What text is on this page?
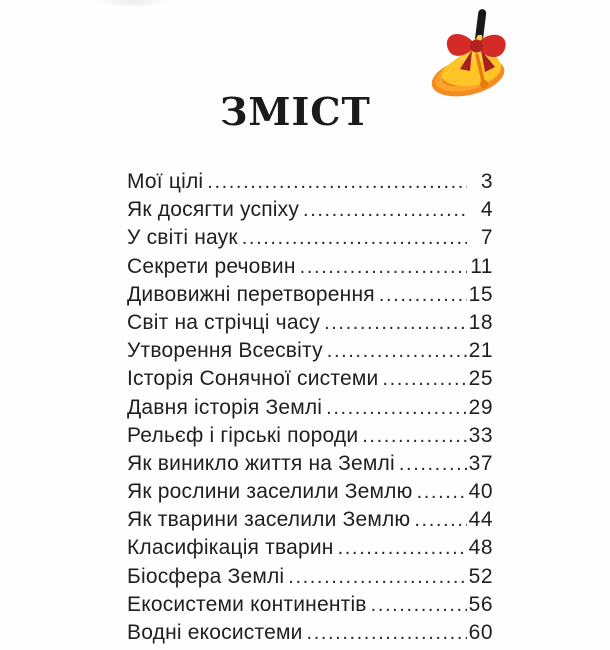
ЗМІСТ
Мої цілі .....	3
Як досягти успіху .....	4
У світі наук .....	7
Секрети речовин .....	11
Дивовижні перетворення .....	15
Світ на стрічці часу .....	18
Утворення Всесвіту .....	21
Історія Сонячної системи .....	25
Давня історія Землі .....	29
Рельєф і гірські породи .....	33
Як виникло життя на Землі .....	37
Як рослини заселили Землю .....	40
Як тварини заселили Землю .....	44
Класифікація тварин .....	48
Біосфера Землі .....	52
Екосистеми континентів .....	56
Водні екосистеми .....	60
